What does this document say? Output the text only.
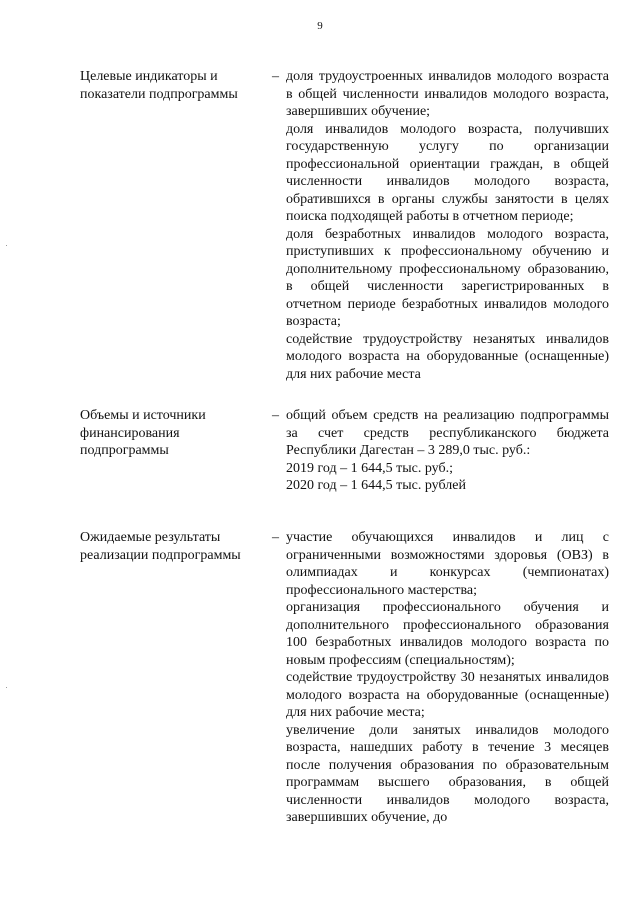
9
Целевые индикаторы и показатели подпрограммы
– доля трудоустроенных инвалидов молодого возраста в общей численности инвалидов молодого возраста, завершивших обучение;

доля инвалидов молодого возраста, получивших государственную услугу по организации профессиональной ориентации граждан, в общей численности инвалидов молодого возраста, обратившихся в органы службы занятости в целях поиска подходящей работы в отчетном периоде;

доля безработных инвалидов молодого возраста, приступивших к профессиональному обучению и дополнительному профессиональному образованию, в общей численности зарегистрированных в отчетном периоде безработных инвалидов молодого возраста;

содействие трудоустройству незанятых инвалидов молодого возраста на оборудованные (оснащенные) для них рабочие места

Объемы и источники финансирования подпрограммы
– общий объем средств на реализацию подпрограммы за счет средств республиканского бюджета Республики Дагестан – 3 289,0 тыс. руб.:

2019 год – 1 644,5 тыс. руб.;

2020 год – 1 644,5 тыс. рублей

Ожидаемые результаты реализации подпрограммы
– участие обучающихся инвалидов и лиц с ограниченными возможностями здоровья (ОВЗ) в олимпиадах и конкурсах (чемпионатах) профессионального мастерства;

организация профессионального обучения и дополнительного профессионального образования 100 безработных инвалидов молодого возраста по новым профессиям (специальностям);

содействие трудоустройству 30 незанятых инвалидов молодого возраста на оборудованные (оснащенные) для них рабочие места;

увеличение доли занятых инвалидов молодого возраста, нашедших работу в течение 3 месяцев после получения образования по образовательным программам высшего образования, в общей численности инвалидов молодого возраста, завершивших обучение, до
